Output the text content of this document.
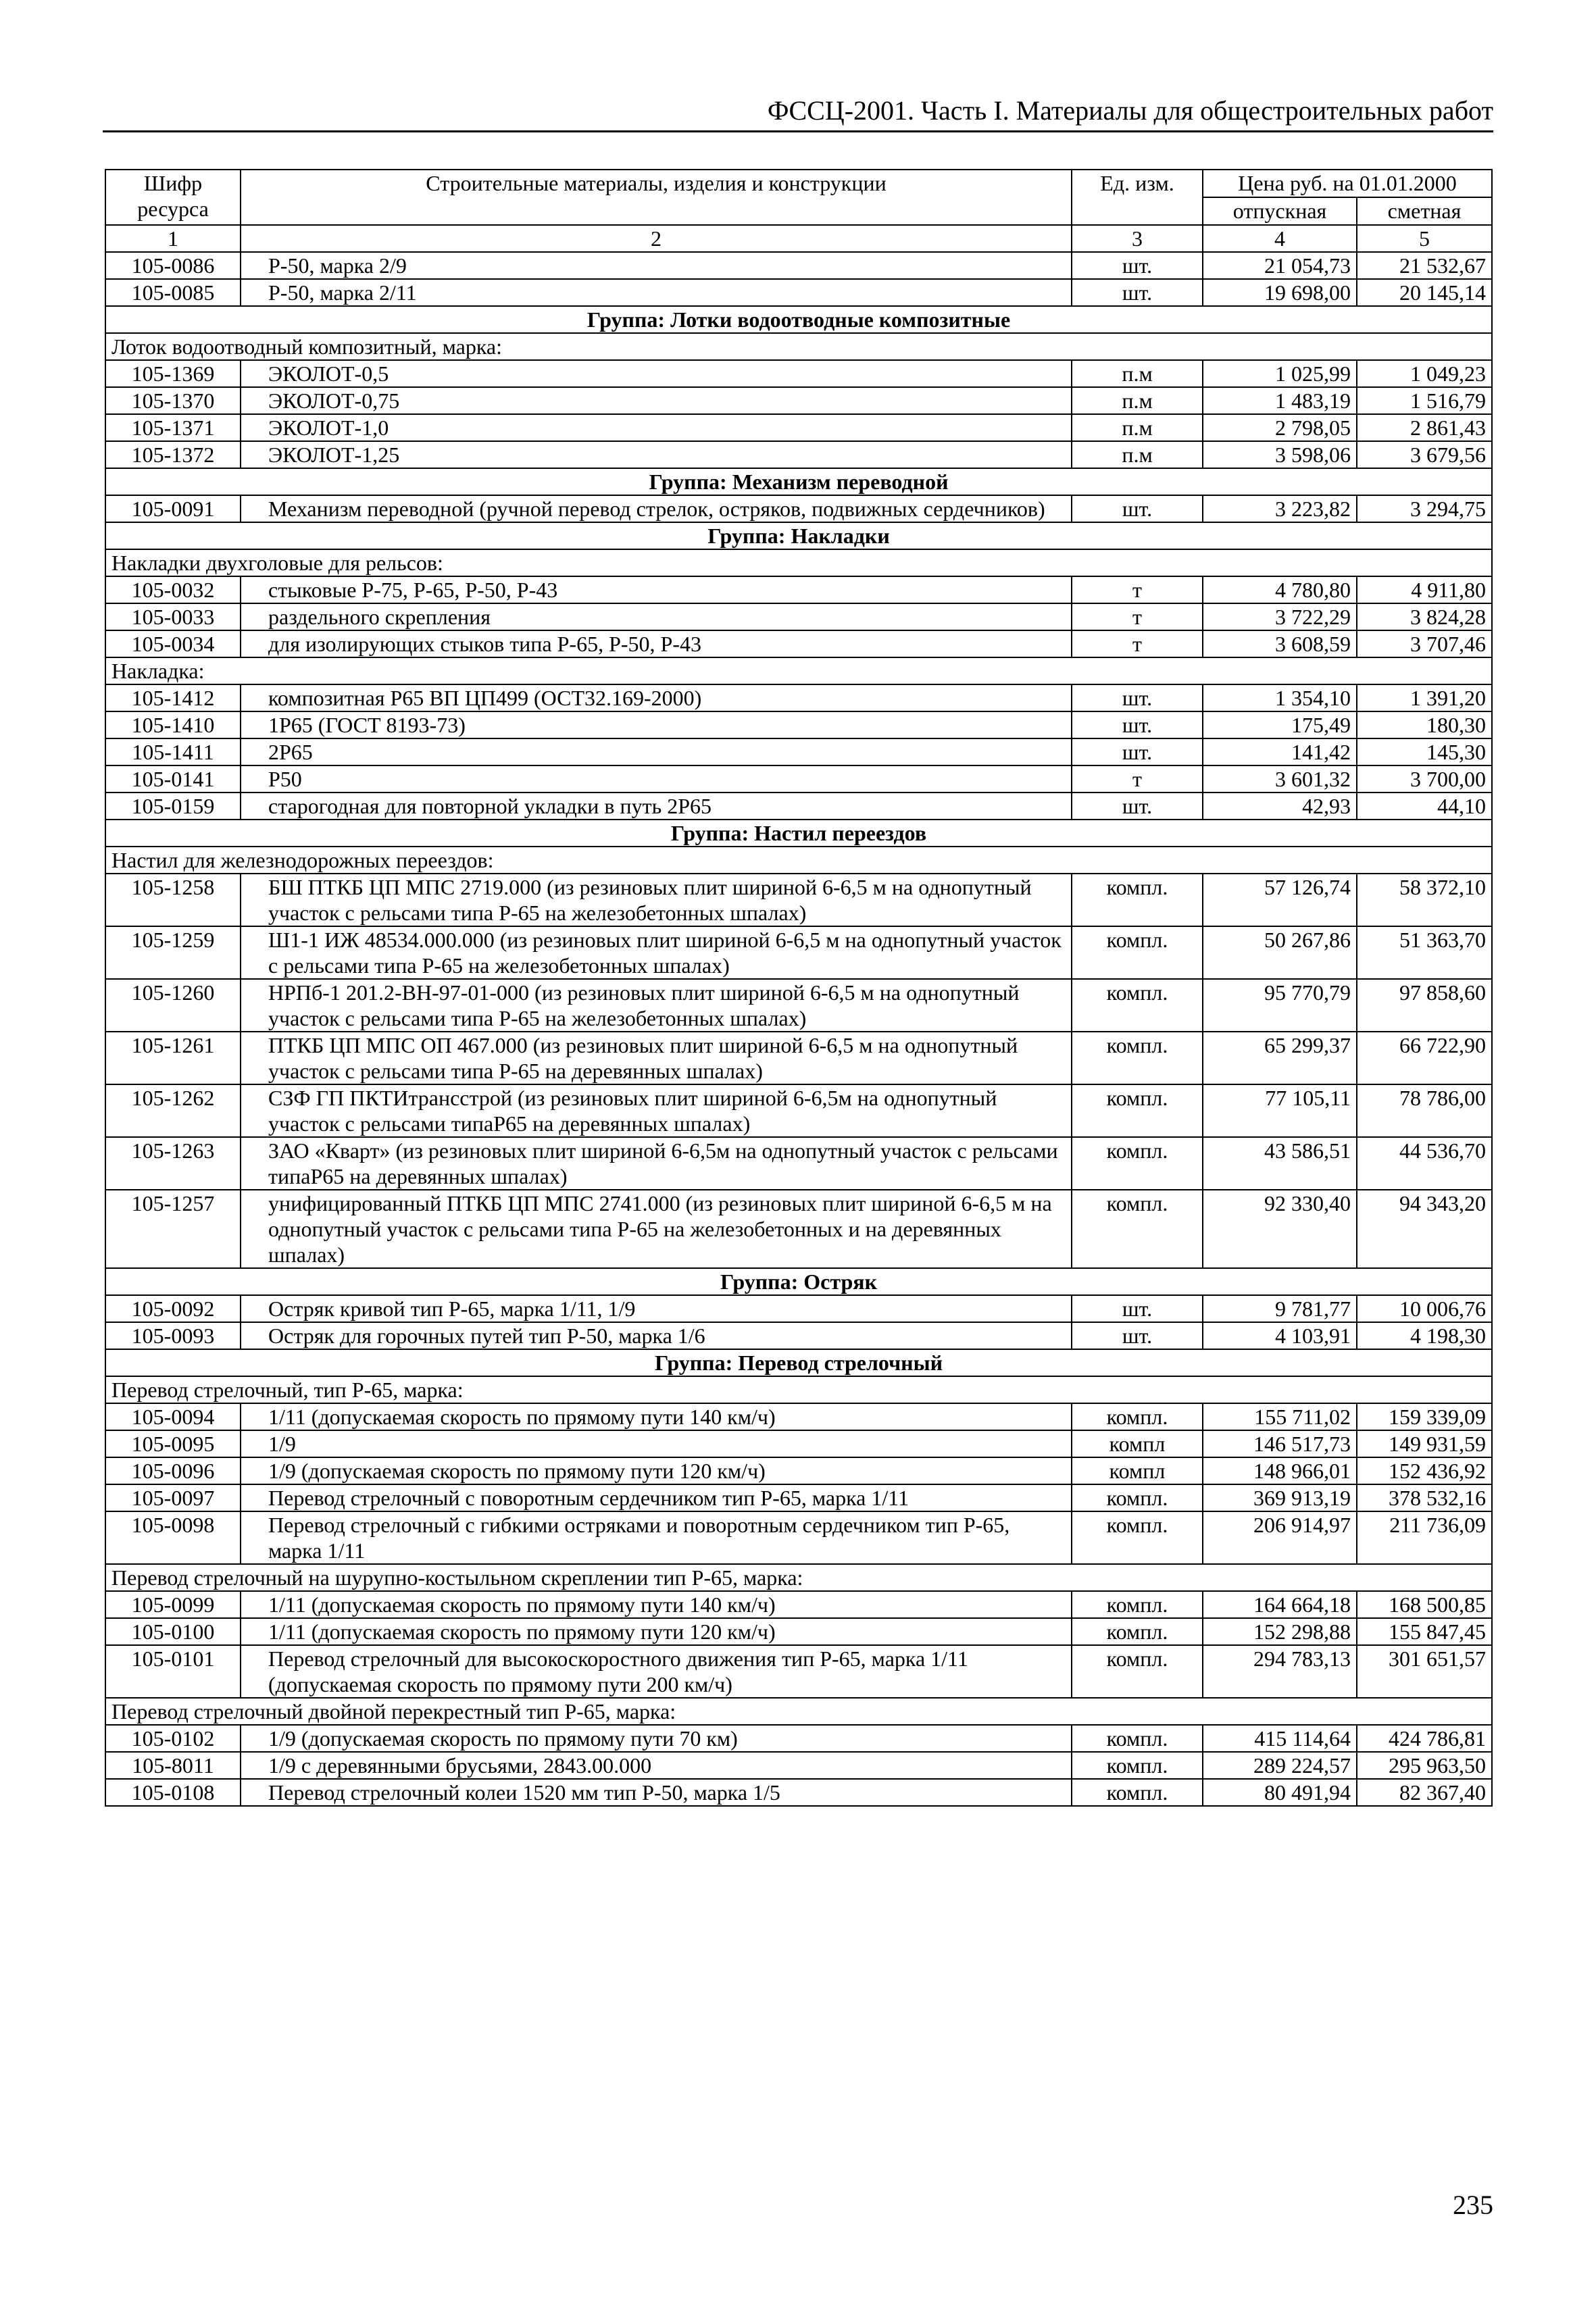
ФССЦ-2001. Часть I. Материалы для общестроительных работ
Шифр ресурса	Строительные материалы, изделия и конструкции	Ед. изм.	Цена руб. на 01.01.2000	
			отпускная	сметная
1	2	3	4	5
105-0086	Р-50, марка 2/9	шт.	21 054,73	21 532,67
105-0085	Р-50, марка 2/11	шт.	19 698,00	20 145,14
Группа: Лотки водоотводные композитные				
Лоток водоотводный композитный, марка:				
105-1369	ЭКОЛОТ-0,5	п.м	1 025,99	1 049,23
105-1370	ЭКОЛОТ-0,75	п.м	1 483,19	1 516,79
105-1371	ЭКОЛОТ-1,0	п.м	2 798,05	2 861,43
105-1372	ЭКОЛОТ-1,25	п.м	3 598,06	3 679,56
Группа: Механизм переводной				
105-0091	Механизм переводной (ручной перевод стрелок, остряков, подвижных сердечников)	шт.	3 223,82	3 294,75
Группа: Накладки				
Накладки двухголовые для рельсов:				
105-0032	стыковые Р-75, Р-65, Р-50, Р-43	т	4 780,80	4 911,80
105-0033	раздельного скрепления	т	3 722,29	3 824,28
105-0034	для изолирующих стыков типа Р-65, Р-50, Р-43	т	3 608,59	3 707,46
Накладка:				
105-1412	композитная Р65 ВП ЦП499 (ОСТ32.169-2000)	шт.	1 354,10	1 391,20
105-1410	1Р65 (ГОСТ 8193-73)	шт.	175,49	180,30
105-1411	2Р65	шт.	141,42	145,30
105-0141	Р50	т	3 601,32	3 700,00
105-0159	старогодная для повторной укладки в путь 2Р65	шт.	42,93	44,10
Группа: Настил переездов				
Настил для железнодорожных переездов:				
105-1258	БШ ПТКБ ЦП МПС 2719.000 (из резиновых плит шириной 6-6,5 м на однопутный участок с рельсами типа Р-65 на железобетонных шпалах)	компл.	57 126,74	58 372,10
105-1259	Ш1-1 ИЖ 48534.000.000 (из резиновых плит шириной 6-6,5 м на однопутный участок с рельсами типа Р-65 на железобетонных шпалах)	компл.	50 267,86	51 363,70
105-1260	НРПб-1 201.2-ВН-97-01-000 (из резиновых плит шириной 6-6,5 м на однопутный участок с рельсами типа Р-65 на железобетонных шпалах)	компл.	95 770,79	97 858,60
105-1261	ПТКБ ЦП МПС ОП 467.000 (из резиновых плит шириной 6-6,5 м на однопутный участок с рельсами типа Р-65 на деревянных шпалах)	компл.	65 299,37	66 722,90
105-1262	СЗФ ГП ПКТИтрансстрой (из резиновых плит шириной 6-6,5м на однопутный участок с рельсами типаР65 на деревянных шпалах)	компл.	77 105,11	78 786,00
105-1263	ЗАО «Кварт» (из резиновых плит шириной 6-6,5м на однопутный участок с рельсами типаР65 на деревянных шпалах)	компл.	43 586,51	44 536,70
105-1257	унифицированный ПТКБ ЦП МПС 2741.000 (из резиновых плит шириной 6-6,5 м на однопутный участок с рельсами типа Р-65 на железобетонных и на деревянных шпалах)	компл.	92 330,40	94 343,20
Группа: Остряк				
105-0092	Остряк кривой тип Р-65, марка 1/11, 1/9	шт.	9 781,77	10 006,76
105-0093	Остряк для горочных путей тип Р-50, марка 1/6	шт.	4 103,91	4 198,30
Группа: Перевод стрелочный				
Перевод стрелочный, тип Р-65, марка:				
105-0094	1/11 (допускаемая скорость по прямому пути 140 км/ч)	компл.	155 711,02	159 339,09
105-0095	1/9	компл	146 517,73	149 931,59
105-0096	1/9 (допускаемая скорость по прямому пути 120 км/ч)	компл	148 966,01	152 436,92
105-0097	Перевод стрелочный с поворотным сердечником тип Р-65, марка 1/11	компл.	369 913,19	378 532,16
105-0098	Перевод стрелочный с гибкими остряками и поворотным сердечником тип Р-65, марка 1/11	компл.	206 914,97	211 736,09
Перевод стрелочный на шурупно-костыльном скреплении тип Р-65, марка:				
105-0099	1/11 (допускаемая скорость по прямому пути 140 км/ч)	компл.	164 664,18	168 500,85
105-0100	1/11 (допускаемая скорость по прямому пути 120 км/ч)	компл.	152 298,88	155 847,45
105-0101	Перевод стрелочный для высокоскоростного движения тип Р-65, марка 1/11 (допускаемая скорость по прямому пути 200 км/ч)	компл.	294 783,13	301 651,57
Перевод стрелочный двойной перекрестный тип Р-65, марка:				
105-0102	1/9 (допускаемая скорость по прямому пути 70 км)	компл.	415 114,64	424 786,81
105-8011	1/9 с деревянными брусьями, 2843.00.000	компл.	289 224,57	295 963,50
105-0108	Перевод стрелочный колеи 1520 мм тип Р-50, марка 1/5	компл.	80 491,94	82 367,40
235
